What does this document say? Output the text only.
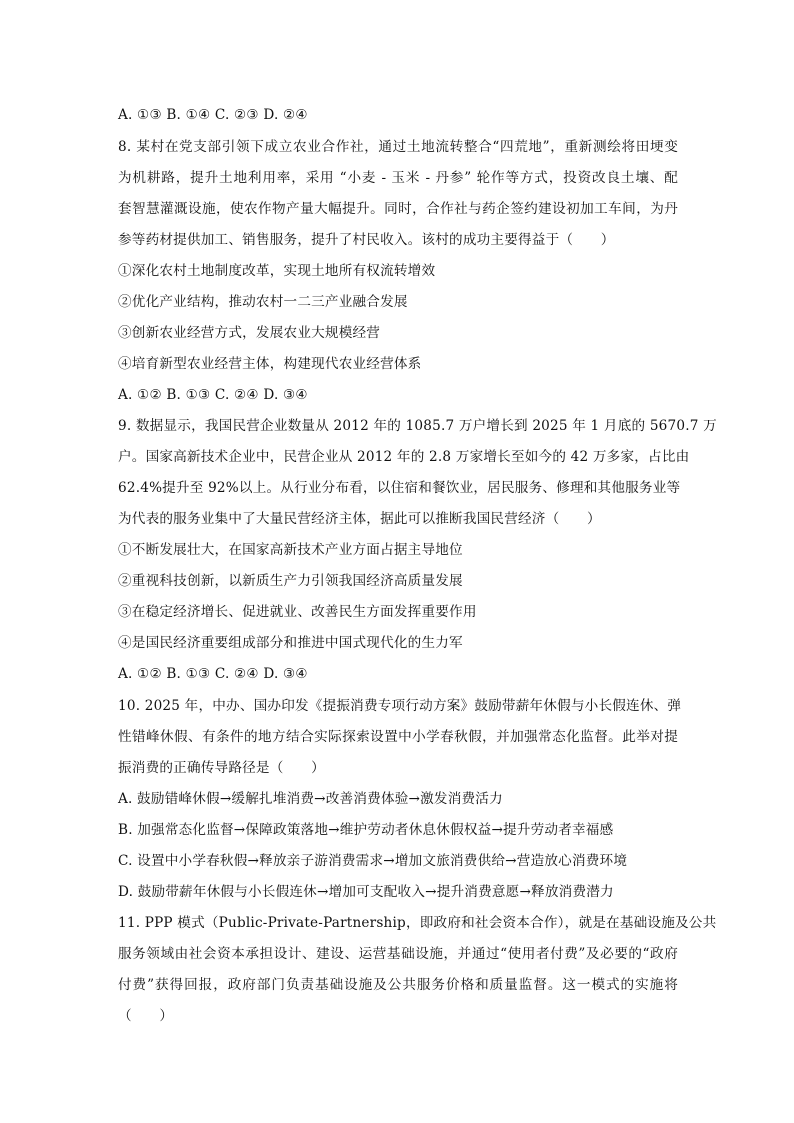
A. ①③ B. ①④ C. ②③ D. ②④
8. 某村在党支部引领下成立农业合作社，通过土地流转整合“四荒地”，重新测绘将田埂变
为机耕路，提升土地利用率，采用 “小麦 - 玉米 - 丹参” 轮作等方式，投资改良土壤、配
套智慧灌溉设施，使农作物产量大幅提升。同时，合作社与药企签约建设初加工车间，为丹
参等药材提供加工、销售服务，提升了村民收入。该村的成功主要得益于（　　）
①深化农村土地制度改革，实现土地所有权流转增效
②优化产业结构，推动农村一二三产业融合发展
③创新农业经营方式，发展农业大规模经营
④培育新型农业经营主体，构建现代农业经营体系
A. ①② B. ①③ C. ②④ D. ③④
9. 数据显示，我国民营企业数量从 2012 年的 1085.7 万户增长到 2025 年 1 月底的 5670.7 万
户。国家高新技术企业中，民营企业从 2012 年的 2.8 万家增长至如今的 42 万多家，占比由
62.4%提升至 92%以上。从行业分布看，以住宿和餐饮业，居民服务、修理和其他服务业等
为代表的服务业集中了大量民营经济主体，据此可以推断我国民营经济（　　）
①不断发展壮大，在国家高新技术产业方面占据主导地位
②重视科技创新，以新质生产力引领我国经济高质量发展
③在稳定经济增长、促进就业、改善民生方面发挥重要作用
④是国民经济重要组成部分和推进中国式现代化的生力军
A. ①② B. ①③ C. ②④ D. ③④
10. 2025 年，中办、国办印发《提振消费专项行动方案》鼓励带薪年休假与小长假连休、弹
性错峰休假、有条件的地方结合实际探索设置中小学春秋假，并加强常态化监督。此举对提
振消费的正确传导路径是（　　）
A. 鼓励错峰休假→缓解扎堆消费→改善消费体验→激发消费活力
B. 加强常态化监督→保障政策落地→维护劳动者休息休假权益→提升劳动者幸福感
C. 设置中小学春秋假→释放亲子游消费需求→增加文旅消费供给→营造放心消费环境
D. 鼓励带薪年休假与小长假连休→增加可支配收入→提升消费意愿→释放消费潜力
11. PPP 模式（Public-Private-Partnership，即政府和社会资本合作），就是在基础设施及公共
服务领域由社会资本承担设计、建设、运营基础设施，并通过“使用者付费”及必要的“政府
付费”获得回报，政府部门负责基础设施及公共服务价格和质量监督。这一模式的实施将
（　　）
